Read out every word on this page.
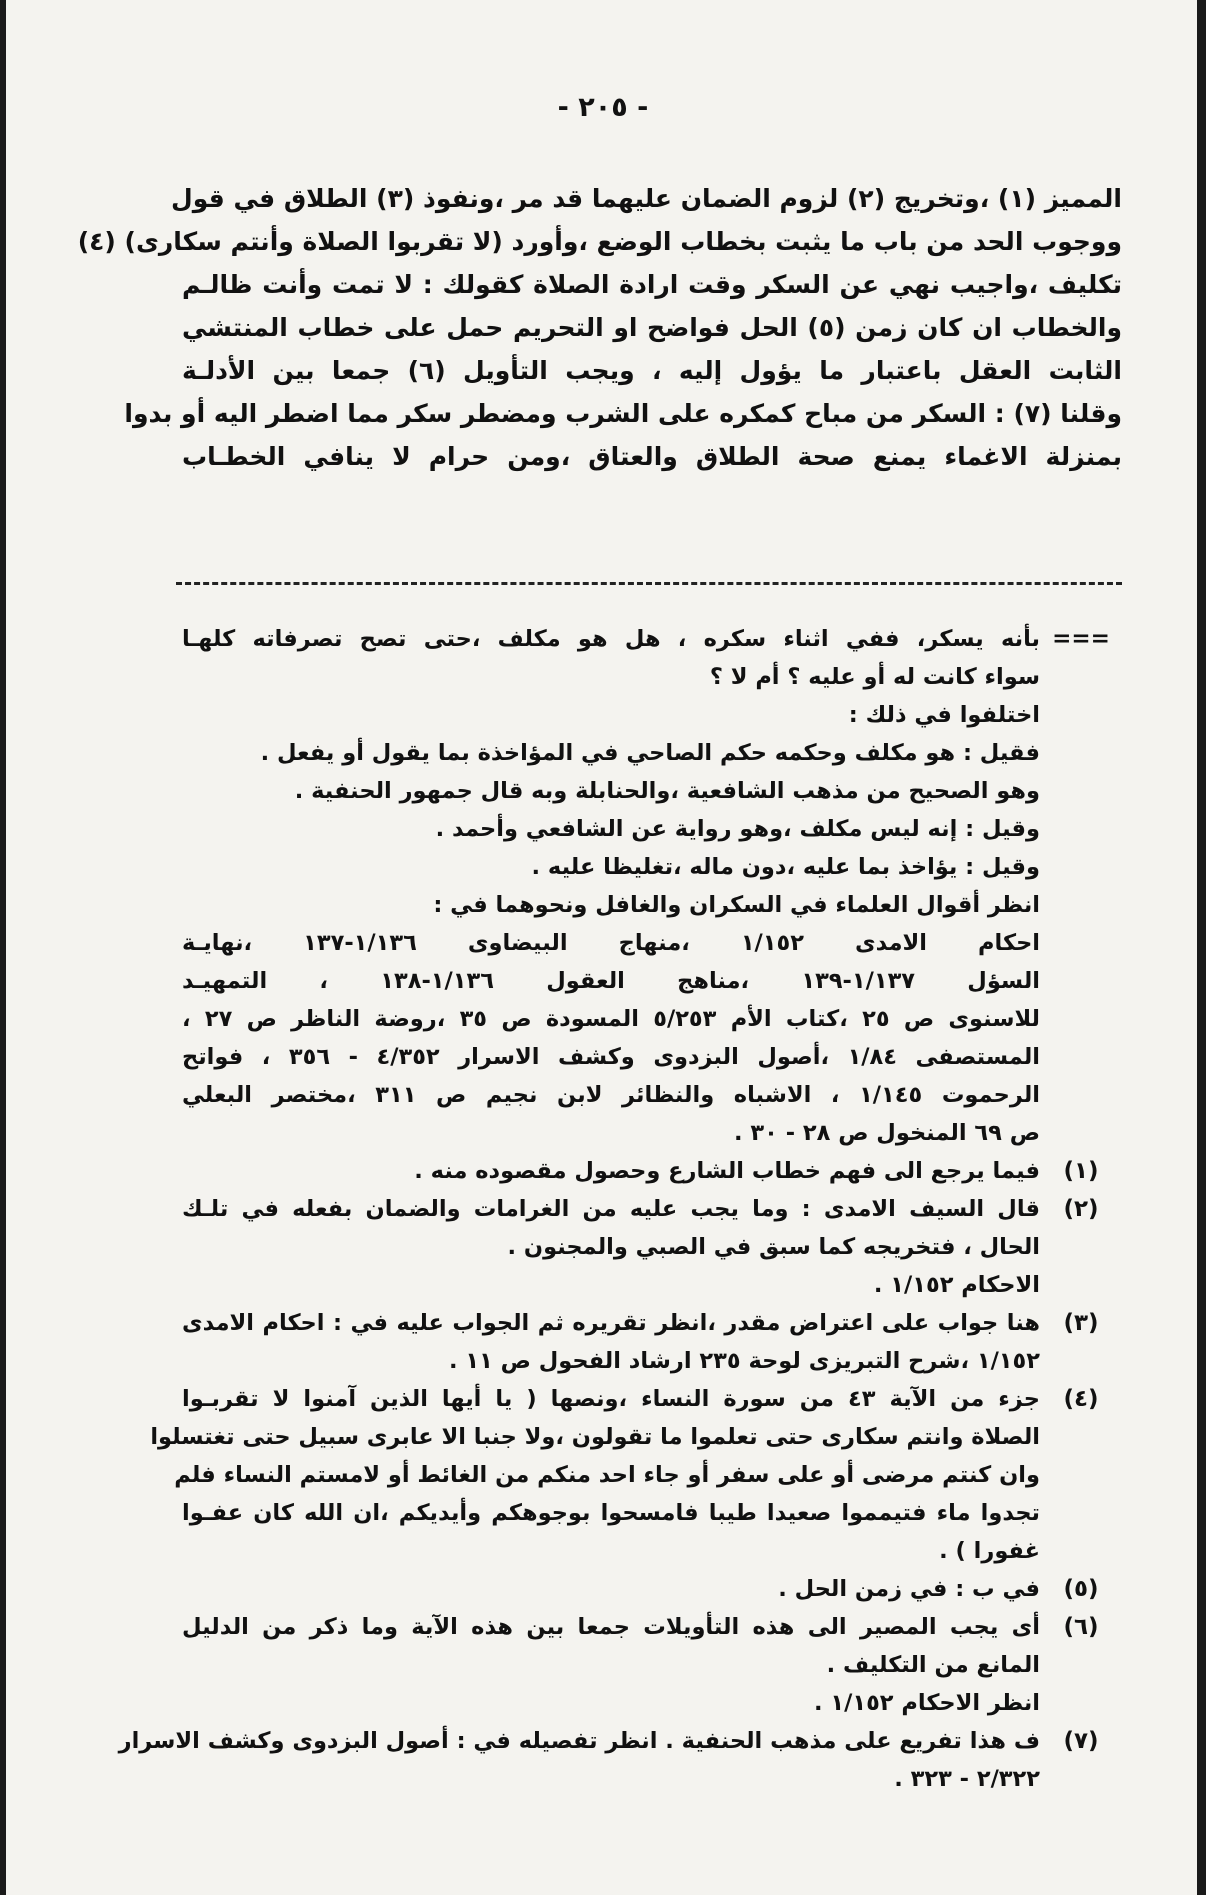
- ٢٠٥ -
المميز (١) ،وتخريج (٢) لزوم الضمان عليهما قد مر ،ونفوذ (٣) الطلاق في قول
ووجوب الحد من باب ما يثبت بخطاب الوضع ،وأورد (لا تقربوا الصلاة وأنتم سكارى) (٤)
تكليف ،واجيب نهي عن السكر وقت ارادة الصلاة كقولك : لا تمت وأنت ظالـم
والخطاب ان كان زمن (٥) الحل فواضح او التحريم حمل على خطاب المنتشي
الثابت العقل باعتبار ما يؤول إليه ، ويجب التأويل (٦) جمعا بين الأدلـة
وقلنا (٧) : السكر من مباح كمكره على الشرب ومضطر سكر مما اضطر اليه أو بدوا
بمنزلة الاغماء يمنع صحة الطلاق والعتاق ،ومن حرام لا ينافي الخطـاب
===
بأنه يسكر، ففي اثناء سكره ، هل هو مكلف ،حتى تصح تصرفاته كلهـا
سواء كانت له أو عليه ؟ أم لا ؟
اختلفوا في ذلك :
فقيل : هو مكلف وحكمه حكم الصاحي في المؤاخذة بما يقول أو يفعل .
وهو الصحيح من مذهب الشافعية ،والحنابلة وبه قال جمهور الحنفية .
وقيل : إنه ليس مكلف ،وهو رواية عن الشافعي وأحمد .
وقيل : يؤاخذ بما عليه ،دون ماله ،تغليظا عليه .
انظر أقوال العلماء في السكران والغافل ونحوهما في :
احكام الامدى ١/١٥٢ ،منهاج البيضاوى ١/١٣٦-١٣٧ ،نهايـة
السؤل ١/١٣٧-١٣٩ ،مناهج العقول ١/١٣٦-١٣٨ ، التمهيـد
للاسنوى ص ٢٥ ،كتاب الأم ٥/٢٥٣ المسودة ص ٣٥ ،روضة الناظر ص ٢٧ ،
المستصفى ١/٨٤ ،أصول البزدوى وكشف الاسرار ٤/٣٥٢ - ٣٥٦ ، فواتح
الرحموت ١/١٤٥ ، الاشباه والنظائر لابن نجيم ص ٣١١ ،مختصر البعلي
ص ٦٩ المنخول ص ٢٨ - ٣٠ .
(١)
فيما يرجع الى فهم خطاب الشارع وحصول مقصوده منه .
(٢)
قال السيف الامدى : وما يجب عليه من الغرامات والضمان بفعله في تلـك
الحال ، فتخريجه كما سبق في الصبي والمجنون .
الاحكام ١/١٥٢ .
(٣)
هنا جواب على اعتراض مقدر ،انظر تقريره ثم الجواب عليه في : احكام الامدى
١/١٥٢ ،شرح التبريزى لوحة ٢٣٥ ارشاد الفحول ص ١١ .
(٤)
جزء من الآية ٤٣ من سورة النساء ،ونصها ( يا أيها الذين آمنوا لا تقربـوا
الصلاة وانتم سكارى حتى تعلموا ما تقولون ،ولا جنبا الا عابرى سبيل حتى تغتسلوا
وان كنتم مرضى أو على سفر أو جاء احد منكم من الغائط أو لامستم النساء فلم
تجدوا ماء فتيمموا صعيدا طيبا فامسحوا بوجوهكم وأيديكم ،ان الله كان عفـوا
غفورا ) .
(٥)
في ب : في زمن الحل .
(٦)
أى يجب المصير الى هذه التأويلات جمعا بين هذه الآية وما ذكر من الدليل
المانع من التكليف .
انظر الاحكام ١/١٥٢ .
(٧)
ف هذا تفريع على مذهب الحنفية . انظر تفصيله في : أصول البزدوى وكشف الاسرار
٢/٣٢٢ - ٣٢٣ .
